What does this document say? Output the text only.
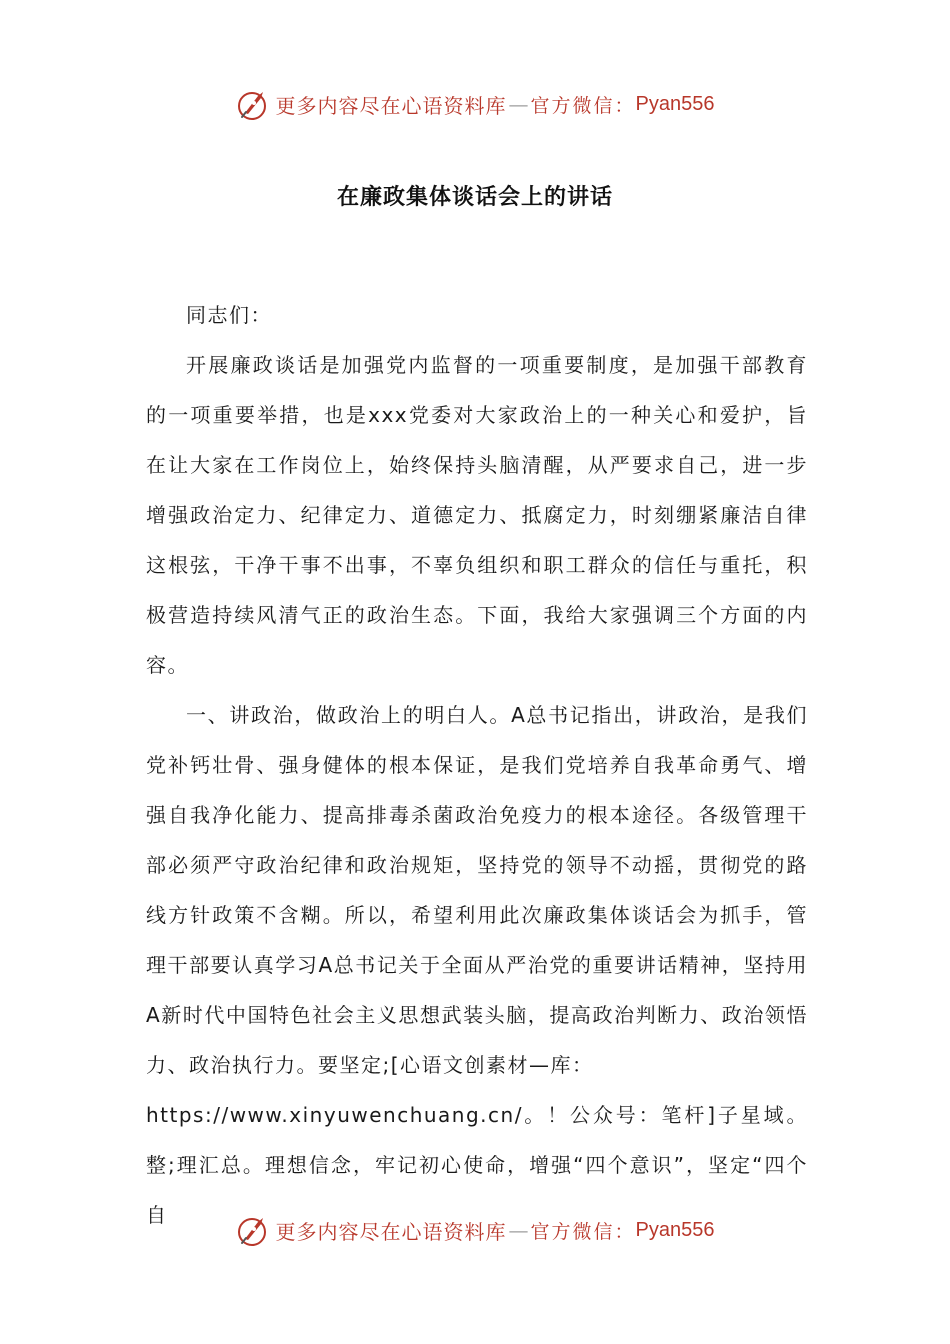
更多内容尽在心语资料库 — 官方微信： Pyan556
在廉政集体谈话会上的讲话

同志们：

开展廉政谈话是加强党内监督的一项重要制度，是加强干部教育的一项重要举措，也是xxx党委对大家政治上的一种关心和爱护，旨在让大家在工作岗位上，始终保持头脑清醒，从严要求自己，进一步增强政治定力、纪律定力、道德定力、抵腐定力，时刻绷紧廉洁自律这根弦，干净干事不出事，不辜负组织和职工群众的信任与重托，积极营造持续风清气正的政治生态。下面，我给大家强调三个方面的内容。

一、讲政治，做政治上的明白人。A总书记指出，讲政治，是我们党补钙壮骨、强身健体的根本保证，是我们党培养自我革命勇气、增强自我净化能力、提高排毒杀菌政治免疫力的根本途径。各级管理干部必须严守政治纪律和政治规矩，坚持党的领导不动摇，贯彻党的路线方针政策不含糊。所以，希望利用此次廉政集体谈话会为抓手，管理干部要认真学习A总书记关于全面从严治党的重要讲话精神，坚持用A新时代中国特色社会主义思想武装头脑，提高政治判断力、政治领悟力、政治执行力。要坚定;[心语文创素材—库：

https://www.xinyuwenchuang.cn/。！公众号：笔杆]子星域。整;理汇总。理想信念，牢记初心使命，增强“四个意识”，坚定“四个自

更多内容尽在心语资料库 — 官方微信： Pyan556
